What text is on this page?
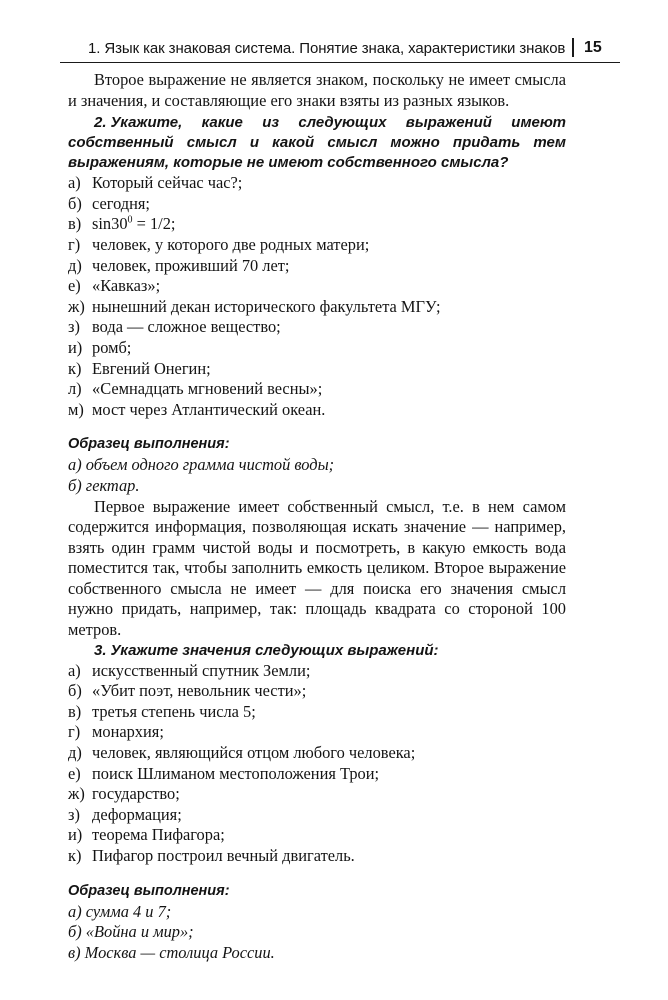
1. Язык как знаковая система. Понятие знака, характеристики знаков 15

Второе выражение не является знаком, поскольку не имеет смысла и значения, и составляющие его знаки взяты из разных языков.

2. Укажите, какие из следующих выражений имеют собственный смысл и какой смысл можно придать тем выражениям, которые не имеют собственного смысла?

а) Который сейчас час?;
б) сегодня;
в) $\sin 30^0 = 1/2$;
г) человек, у которого две родных матери;
д) человек, проживший 70 лет;
е) «Кавказ»;
ж) нынешний декан исторического факультета МГУ;
з) вода — сложное вещество;
и) ромб;
к) Евгений Онегин;
л) «Семнадцать мгновений весны»;
м) мост через Атлантический океан.

Образец выполнения:

а) объем одного грамма чистой воды;

б) гектар.

Первое выражение имеет собственный смысл, т.е. в нем самом содержится информация, позволяющая искать значение — например, взять один грамм чистой воды и посмотреть, в какую емкость вода поместится так, чтобы заполнить емкость целиком. Второе выражение собственного смысла не имеет — для поиска его значения смысл нужно придать, например, так: площадь квадрата со стороной 100 метров.

3. Укажите значения следующих выражений:

а) искусственный спутник Земли;
б) «Убит поэт, невольник чести»;
в) третья степень числа 5;
г) монархия;
д) человек, являющийся отцом любого человека;
е) поиск Шлиманом местоположения Трои;
ж) государство;
з) деформация;
и) теорема Пифагора;
к) Пифагор построил вечный двигатель.

Образец выполнения:

а) сумма 4 и 7;

б) «Война и мир»;

в) Москва — столица России.
